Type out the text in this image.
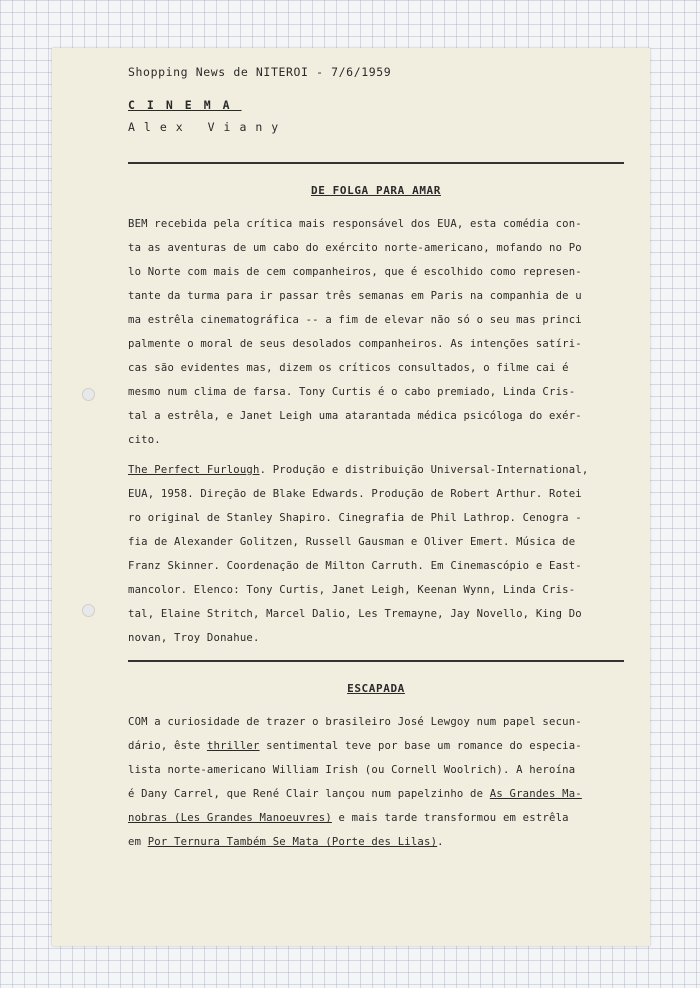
Shopping News de NITEROI - 7/6/1959
CINEMA
Alex Viany
DE FOLGA PARA AMAR

BEM recebida pela crítica mais responsável dos EUA, esta comédia con-

ta as aventuras de um cabo do exército norte-americano, mofando no Po

lo Norte com mais de cem companheiros, que é escolhido como represen-

tante da turma para ir passar três semanas em Paris na companhia de u

ma estrêla cinematográfica -- a fim de elevar não só o seu mas princi

palmente o moral de seus desolados companheiros. As intenções satíri-

cas são evidentes mas, dizem os críticos consultados, o filme cai é

mesmo num clima de farsa. Tony Curtis é o cabo premiado, Linda Cris-

tal a estrêla, e Janet Leigh uma atarantada médica psicóloga do exér-

cito.

The Perfect Furlough. Produção e distribuição Universal-International,

EUA, 1958. Direção de Blake Edwards. Produção de Robert Arthur. Rotei

ro original de Stanley Shapiro. Cinegrafia de Phil Lathrop. Cenogra -

fia de Alexander Golitzen, Russell Gausman e Oliver Emert. Música de

Franz Skinner. Coordenação de Milton Carruth. Em Cinemascópio e East-

mancolor. Elenco: Tony Curtis, Janet Leigh, Keenan Wynn, Linda Cris-

tal, Elaine Stritch, Marcel Dalio, Les Tremayne, Jay Novello, King Do

novan, Troy Donahue.

ESCAPADA

COM a curiosidade de trazer o brasileiro José Lewgoy num papel secun-

dário, êste thriller sentimental teve por base um romance do especia-

lista norte-americano William Irish (ou Cornell Woolrich). A heroína

é Dany Carrel, que René Clair lançou num papelzinho de As Grandes Ma-

nobras (Les Grandes Manoeuvres) e mais tarde transformou em estrêla

em Por Ternura Também Se Mata (Porte des Lilas).
